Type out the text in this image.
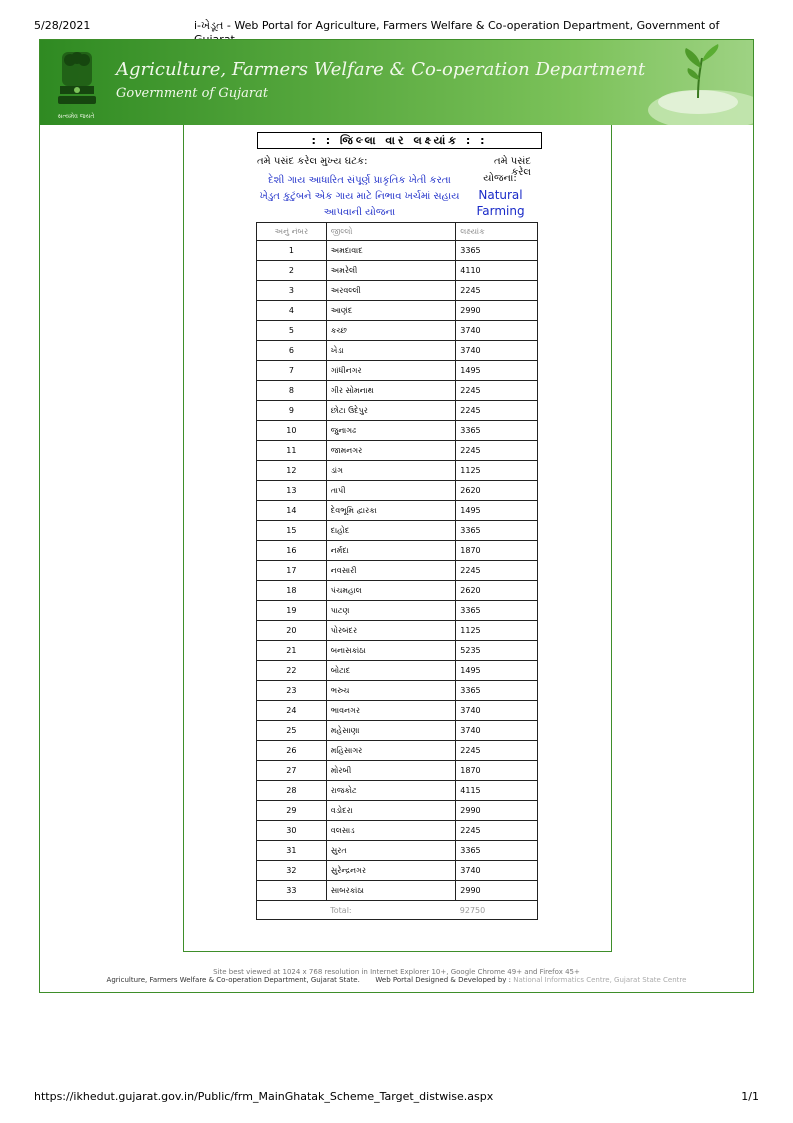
5/28/2021	i-ખેડૂત - Web Portal for Agriculture, Farmers Welfare & Co-operation Department, Government of
સત્યમેવ જયતે
Agriculture, Farmers Welfare & Co-operation Department
Government of Gujarat
: : જિલ્લા વાર લક્ષ્યાંક : :
તમે પસંદ કરેલ મુખ્ય ઘટક:	તમે પસંદ કરેલ
દેશી ગાય આધારિત સંપૂર્ણ પ્રાકૃતિક ખેતી કરતા ખેડુત કુટુંબને એક ગાય માટે નિભાવ ખર્ચમાં સહાય આપવાની યોજના
યોજના:
Natural Farming
અનું નંબર	જીલ્લો	લક્ષ્યાંક
1	અમદાવાદ	3365
2	અમરેલી	4110
3	અરવલ્લી	2245
4	આણંદ	2990
5	કચ્છ	3740
6	ખેડા	3740
7	ગાંધીનગર	1495
8	ગીર સોમનાથ	2245
9	છોટા ઉદેપુર	2245
10	જુનાગઢ	3365
11	જામનગર	2245
12	ડાંગ	1125
13	તાપી	2620
14	દેવભૂમિ દ્વારકા	1495
15	દાહોદ	3365
16	નર્મદા	1870
17	નવસારી	2245
18	પંચમહાલ	2620
19	પાટણ	3365
20	પોરબંદર	1125
21	બનાસકાંઠા	5235
22	બોટાદ	1495
23	ભરુચ	3365
24	ભાવનગર	3740
25	મહેસાણા	3740
26	મહિસાગર	2245
27	મોરબી	1870
28	રાજકોટ	4115
29	વડોદરા	2990
30	વલસાડ	2245
31	સુરત	3365
32	સુરેન્દ્રનગર	3740
33	સાબરકાંઠા	2990
	Total:	92750
Site best viewed at 1024 x 768 resolution in Internet Explorer 10+, Google Chrome 49+ and Firefox 45+
Agriculture, Farmers Welfare & Co-operation Department, Gujarat State. Web Portal Designed & Developed by : National Informatics Centre, Gujarat State Centre
https://ikhedut.gujarat.gov.in/Public/frm_MainGhatak_Scheme_Target_distwise.aspx	1/1
